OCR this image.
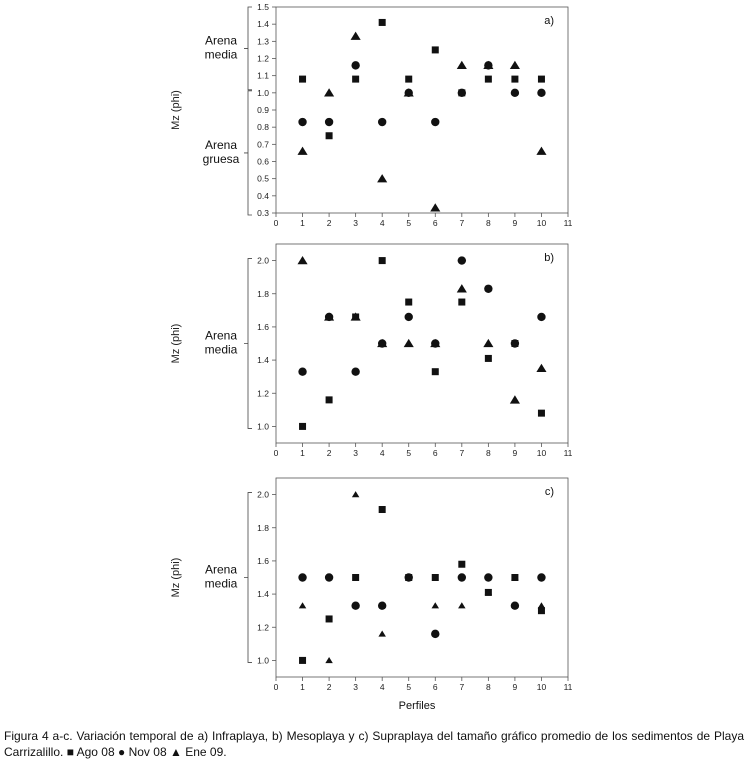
0	1	2	3	4	5	6	7	8	9 10 11
0.3
0.4
0.5
0.6
0.7
0.8
0.9
1.0
1.1
1.2
1.3
1.4
1.5
Mz (phi)
Arena
media
Arena
gruesa
a)
0	1	2	3	4	5	6	7	8	9 10 11
1.0
1.2
1.4
1.6
1.8
2.0
Mz (phi) Arena
media
b)
0	1	2	3	4	5	6	7	8	9 10 11
1.0
1.2
1.4
1.6
1.8
2.0
Mz (phi) Arena
media
c)
Perfiles

Figura 4 a-c. Variación temporal de a) Infraplaya, b) Mesoplaya y c) Supraplaya del tamaño gráfico promedio de los sedimentos de Playa Carrizalillo. ■ Ago 08 ● Nov 08 ▲ Ene 09.
